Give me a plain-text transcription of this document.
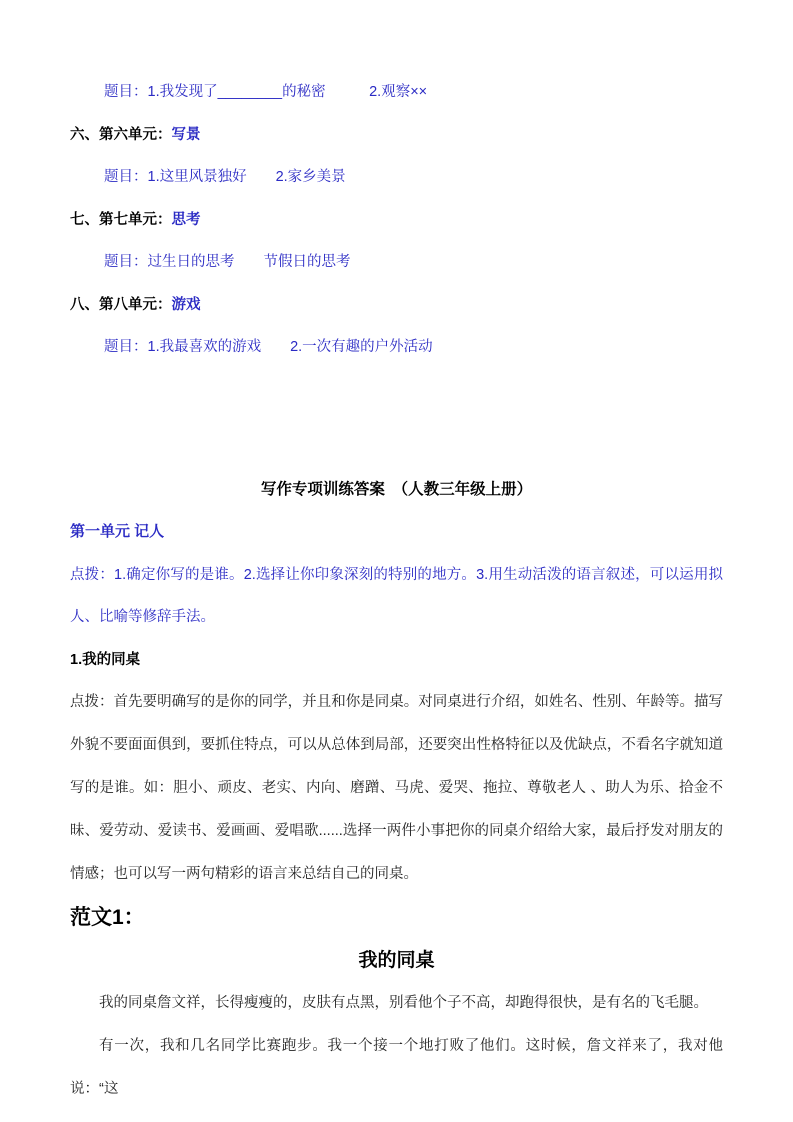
题目：1.我发现了________的秘密　　　2.观察××

六、第六单元：写景

题目：1.这里风景独好　　2.家乡美景

七、第七单元：思考

题目：过生日的思考　　节假日的思考

八、第八单元：游戏

题目：1.我最喜欢的游戏　　2.一次有趣的户外活动

写作专项训练答案　（人教三年级上册）
第一单元 记人

点拨：1.确定你写的是谁。2.选择让你印象深刻的特别的地方。3.用生动活泼的语言叙述，可以运用拟人、比喻等修辞手法。

1.我的同桌

点拨：首先要明确写的是你的同学，并且和你是同桌。对同桌进行介绍，如姓名、性别、年龄等。描写外貌不要面面俱到，要抓住特点，可以从总体到局部，还要突出性格特征以及优缺点，不看名字就知道写的是谁。如：胆小、顽皮、老实、内向、磨蹭、马虎、爱哭、拖拉、尊敬老人 、助人为乐、拾金不昧、爱劳动、爱读书、爱画画、爱唱歌......选择一两件小事把你的同桌介绍给大家，最后抒发对朋友的情感；也可以写一两句精彩的语言来总结自己的同桌。

范文1：
我的同桌

我的同桌詹文祥，长得瘦瘦的，皮肤有点黑，别看他个子不高，却跑得很快，是有名的飞毛腿。

有一次，我和几名同学比赛跑步。我一个接一个地打败了他们。这时候，詹文祥来了，我对他说：“这
